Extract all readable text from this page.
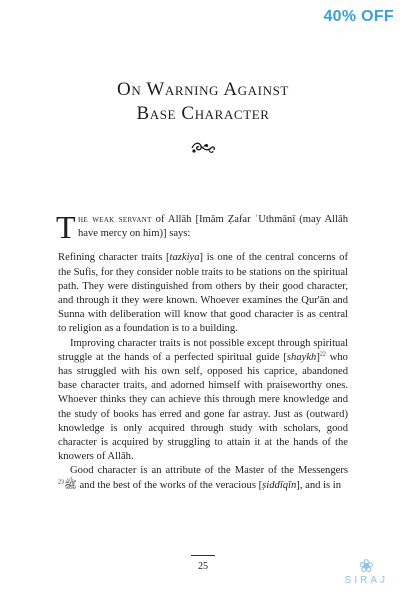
40% OFF
On Warning Against
Base Character

T he weak servant of Allāh [Imām Ẓafar ʿUthmānī (may Allāh have mercy on him)] says:

Refining character traits [tazkiya] is one of the central concerns of the Sufis, for they consider noble traits to be stations on the spiritual path. They were distinguished from others by their good character, and through it they were known. Whoever examines the Qur'ān and Sunna with deliberation will know that good character is as central to religion as a foundation is to a building.

Improving character traits is not possible except through spiritual struggle at the hands of a perfected spiritual guide [shaykh]$^{22}$ who has struggled with his own self, opposed his caprice, abandoned base character traits, and adorned himself with praiseworthy ones. Whoever thinks they can achieve this through mere knowledge and the study of books has erred and gone far astray. Just as (outward) knowledge is only acquired through study with scholars, good character is acquired by struggling to attain it at the hands of the knowers of Allāh.

Good character is an attribute of the Master of the Messengers ﷺ$^{23}$ and the best of the works of the veracious [ṣiddīqīn], and is in

25	❀
SIRAJ
